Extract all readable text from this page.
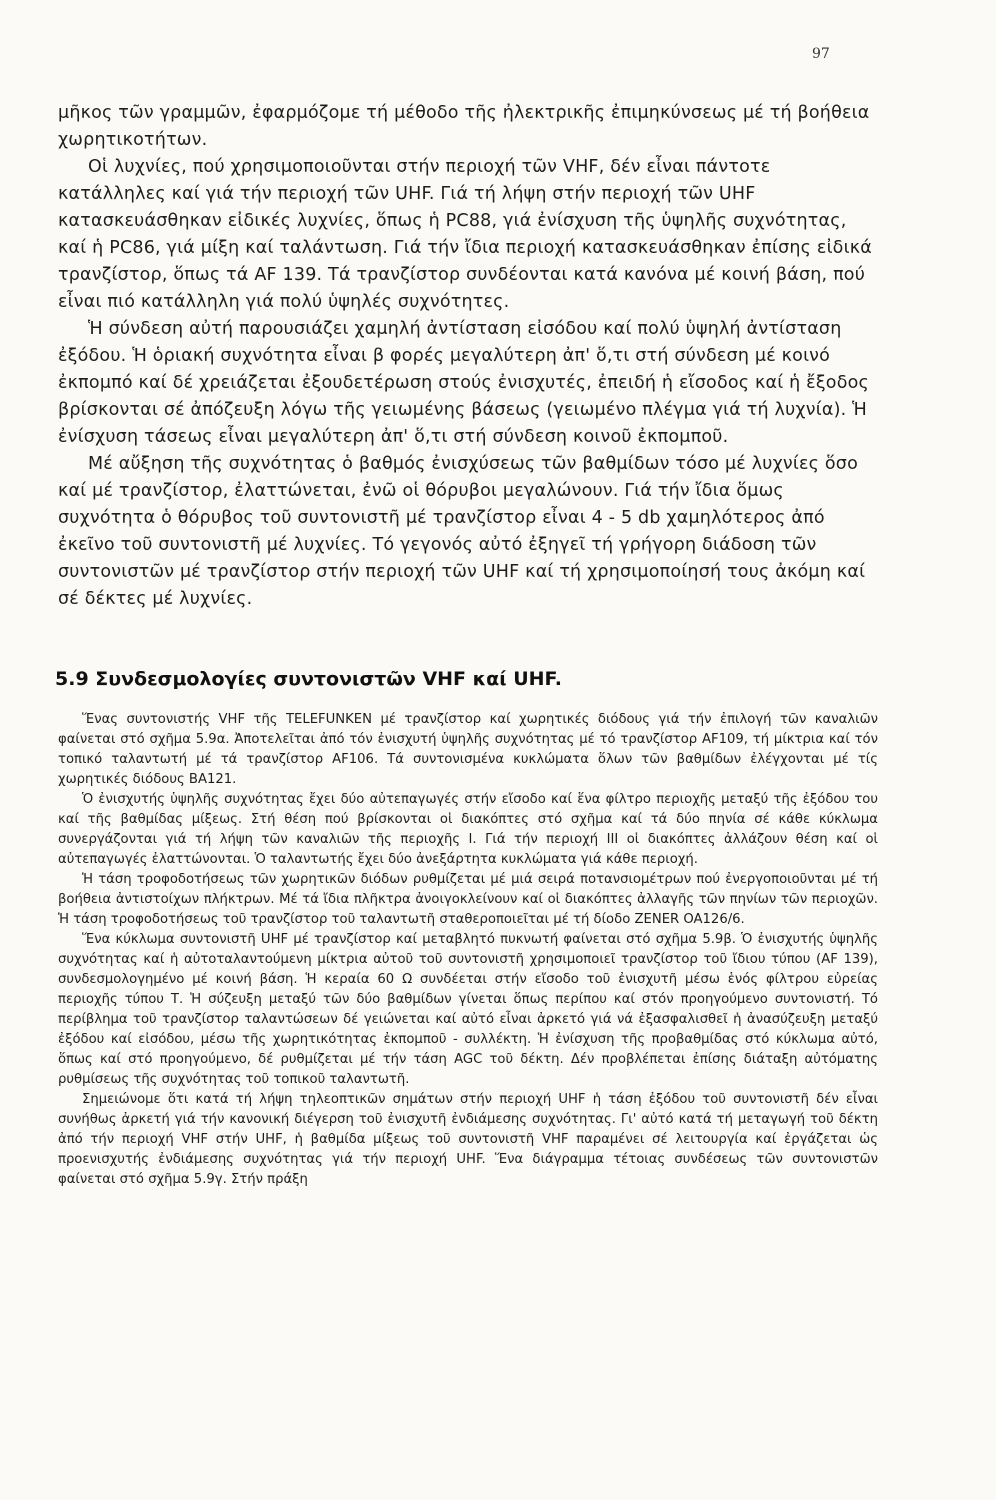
97

μῆκος τῶν γραμμῶν, ἐφαρμόζομε τή μέθοδο τῆς ἠλεκτρικῆς ἐπιμηκύνσεως μέ τή βοήθεια χωρητικοτήτων.

Οἱ λυχνίες, πού χρησιμοποιοῦνται στήν περιοχή τῶν VHF, δέν εἶναι πάντοτε κατάλληλες καί γιά τήν περιοχή τῶν UHF. Γιά τή λήψη στήν περιοχή τῶν UHF κατασκευάσθηκαν εἰδικές λυχνίες, ὅπως ἡ PC88, γιά ἐνίσχυση τῆς ὑψηλῆς συχνότητας, καί ἡ PC86, γιά μίξη καί ταλάντωση. Γιά τήν ἴδια περιοχή κατασκευάσθηκαν ἐπίσης εἰδικά τρανζίστορ, ὅπως τά AF 139. Τά τρανζίστορ συνδέονται κατά κανόνα μέ κοινή βάση, πού εἶναι πιό κατάλληλη γιά πολύ ὑψηλές συχνότητες.

Ἡ σύνδεση αὐτή παρουσιάζει χαμηλή ἀντίσταση εἰσόδου καί πολύ ὑψηλή ἀντίσταση ἐξόδου. Ἡ ὁριακή συχνότητα εἶναι β φορές μεγαλύτερη ἀπ' ὅ,τι στή σύνδεση μέ κοινό ἐκπομπό καί δέ χρειάζεται ἐξουδετέρωση στούς ἐνισχυτές, ἐπειδή ἡ εἴσοδος καί ἡ ἔξοδος βρίσκονται σέ ἀπόζευξη λόγω τῆς γειωμένης βάσεως (γειωμένο πλέγμα γιά τή λυχνία). Ἡ ἐνίσχυση τάσεως εἶναι μεγαλύτερη ἀπ' ὅ,τι στή σύνδεση κοινοῦ ἐκπομποῦ.

Μέ αὔξηση τῆς συχνότητας ὁ βαθμός ἐνισχύσεως τῶν βαθμίδων τόσο μέ λυχνίες ὅσο καί μέ τρανζίστορ, ἐλαττώνεται, ἐνῶ οἱ θόρυβοι μεγαλώνουν. Γιά τήν ἴδια ὅμως συχνότητα ὁ θόρυβος τοῦ συντονιστῆ μέ τρανζίστορ εἶναι 4 - 5 db χαμηλότερος ἀπό ἐκεῖνο τοῦ συντονιστῆ μέ λυχνίες. Τό γεγονός αὐτό ἐξηγεῖ τή γρήγορη διάδοση τῶν συντονιστῶν μέ τρανζίστορ στήν περιοχή τῶν UHF καί τή χρησιμοποίησή τους ἀκόμη καί σέ δέκτες μέ λυχνίες.

5.9 Συνδεσμολογίες συντονιστῶν VHF καί UHF.

Ἕνας συντονιστής VHF τῆς TELEFUNKEN μέ τρανζίστορ καί χωρητικές διόδους γιά τήν ἐπιλογή τῶν καναλιῶν φαίνεται στό σχῆμα 5.9α. Ἀποτελεῖται ἀπό τόν ἐνισχυτή ὑψηλῆς συχνότητας μέ τό τρανζίστορ AF109, τή μίκτρια καί τόν τοπικό ταλαντωτή μέ τά τρανζίστορ AF106. Τά συντονισμένα κυκλώματα ὅλων τῶν βαθμίδων ἐλέγχονται μέ τίς χωρητικές διόδους BA121.

Ὁ ἐνισχυτής ὑψηλῆς συχνότητας ἔχει δύο αὐτεπαγωγές στήν εἴσοδο καί ἕνα φίλτρο περιοχῆς μεταξύ τῆς ἐξόδου του καί τῆς βαθμίδας μίξεως. Στή θέση πού βρίσκονται οἱ διακόπτες στό σχῆμα καί τά δύο πηνία σέ κάθε κύκλωμα συνεργάζονται γιά τή λήψη τῶν καναλιῶν τῆς περιοχῆς Ι. Γιά τήν περιοχή ΙΙΙ οἱ διακόπτες ἀλλάζουν θέση καί οἱ αὐτεπαγωγές ἐλαττώνονται. Ὁ ταλαντωτής ἔχει δύο ἀνεξάρτητα κυκλώματα γιά κάθε περιοχή.

Ἡ τάση τροφοδοτήσεως τῶν χωρητικῶν διόδων ρυθμίζεται μέ μιά σειρά ποτανσιομέτρων πού ἐνεργοποιοῦνται μέ τή βοήθεια ἀντιστοίχων πλήκτρων. Μέ τά ἴδια πλῆκτρα ἀνοιγοκλείνουν καί οἱ διακόπτες ἀλλαγῆς τῶν πηνίων τῶν περιοχῶν. Ἡ τάση τροφοδοτήσεως τοῦ τρανζίστορ τοῦ ταλαντωτῆ σταθεροποιεῖται μέ τή δίοδο ZENER OA126/6.

Ἕνα κύκλωμα συντονιστῆ UHF μέ τρανζίστορ καί μεταβλητό πυκνωτή φαίνεται στό σχῆμα 5.9β. Ὁ ἐνισχυτής ὑψηλῆς συχνότητας καί ἡ αὐτοταλαντούμενη μίκτρια αὐτοῦ τοῦ συντονιστῆ χρησιμοποιεῖ τρανζίστορ τοῦ ἴδιου τύπου (AF 139), συνδεσμολογημένο μέ κοινή βάση. Ἡ κεραία 60 Ω συνδέεται στήν εἴσοδο τοῦ ἐνισχυτῆ μέσω ἑνός φίλτρου εὐρείας περιοχῆς τύπου Τ. Ἡ σύζευξη μεταξύ τῶν δύο βαθμίδων γίνεται ὅπως περίπου καί στόν προηγούμενο συντονιστή. Τό περίβλημα τοῦ τρανζίστορ ταλαντώσεων δέ γειώνεται καί αὐτό εἶναι ἀρκετό γιά νά ἐξασφαλισθεῖ ἡ ἀνασύζευξη μεταξύ ἐξόδου καί εἰσόδου, μέσω τῆς χωρητικότητας ἐκπομποῦ - συλλέκτη. Ἡ ἐνίσχυση τῆς προβαθμίδας στό κύκλωμα αὐτό, ὅπως καί στό προηγούμενο, δέ ρυθμίζεται μέ τήν τάση AGC τοῦ δέκτη. Δέν προβλέπεται ἐπίσης διάταξη αὐτόματης ρυθμίσεως τῆς συχνότητας τοῦ τοπικοῦ ταλαντωτῆ.

Σημειώνομε ὅτι κατά τή λήψη τηλεοπτικῶν σημάτων στήν περιοχή UHF ἡ τάση ἐξόδου τοῦ συντονιστῆ δέν εἶναι συνήθως ἀρκετή γιά τήν κανονική διέγερση τοῦ ἐνισχυτῆ ἐνδιάμεσης συχνότητας. Γι' αὐτό κατά τή μεταγωγή τοῦ δέκτη ἀπό τήν περιοχή VHF στήν UHF, ἡ βαθμίδα μίξεως τοῦ συντονιστῆ VHF παραμένει σέ λειτουργία καί ἐργάζεται ὡς προενισχυτής ἐνδιάμεσης συχνότητας γιά τήν περιοχή UHF. Ἕνα διάγραμμα τέτοιας συνδέσεως τῶν συντονιστῶν φαίνεται στό σχῆμα 5.9γ. Στήν πράξη
